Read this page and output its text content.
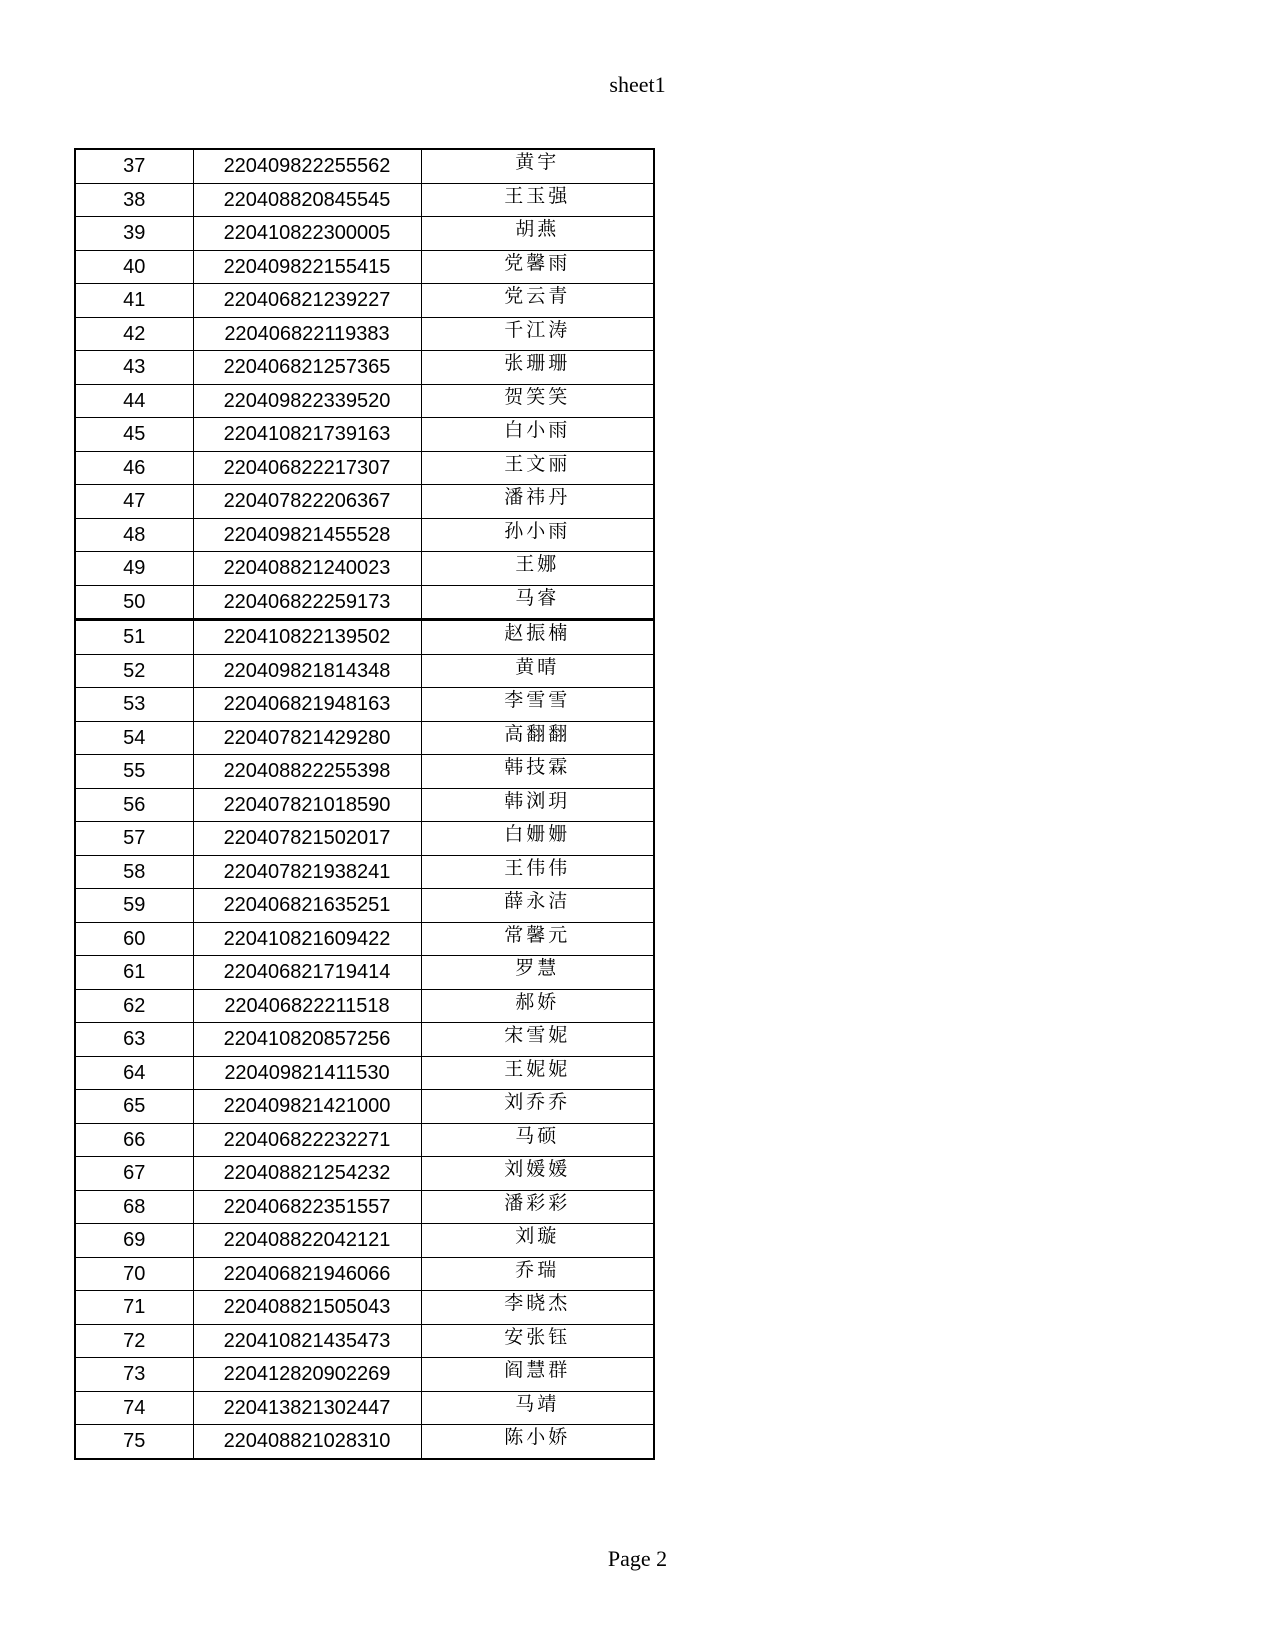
sheet1
37	220409822255562	黄宇
38	220408820845545	王玉强
39	220410822300005	胡燕
40	220409822155415	党馨雨
41	220406821239227	党云青
42	220406822119383	千江涛
43	220406821257365	张珊珊
44	220409822339520	贺笑笑
45	220410821739163	白小雨
46	220406822217307	王文丽
47	220407822206367	潘祎丹
48	220409821455528	孙小雨
49	220408821240023	王娜
50	220406822259173	马睿
51	220410822139502	赵振楠
52	220409821814348	黄晴
53	220406821948163	李雪雪
54	220407821429280	高翻翻
55	220408822255398	韩技霖
56	220407821018590	韩浏玥
57	220407821502017	白姗姗
58	220407821938241	王伟伟
59	220406821635251	薛永洁
60	220410821609422	常馨元
61	220406821719414	罗慧
62	220406822211518	郝娇
63	220410820857256	宋雪妮
64	220409821411530	王妮妮
65	220409821421000	刘乔乔
66	220406822232271	马硕
67	220408821254232	刘媛媛
68	220406822351557	潘彩彩
69	220408822042121	刘璇
70	220406821946066	乔瑞
71	220408821505043	李晓杰
72	220410821435473	安张钰
73	220412820902269	阎慧群
74	220413821302447	马靖
75	220408821028310	陈小娇
Page 2
